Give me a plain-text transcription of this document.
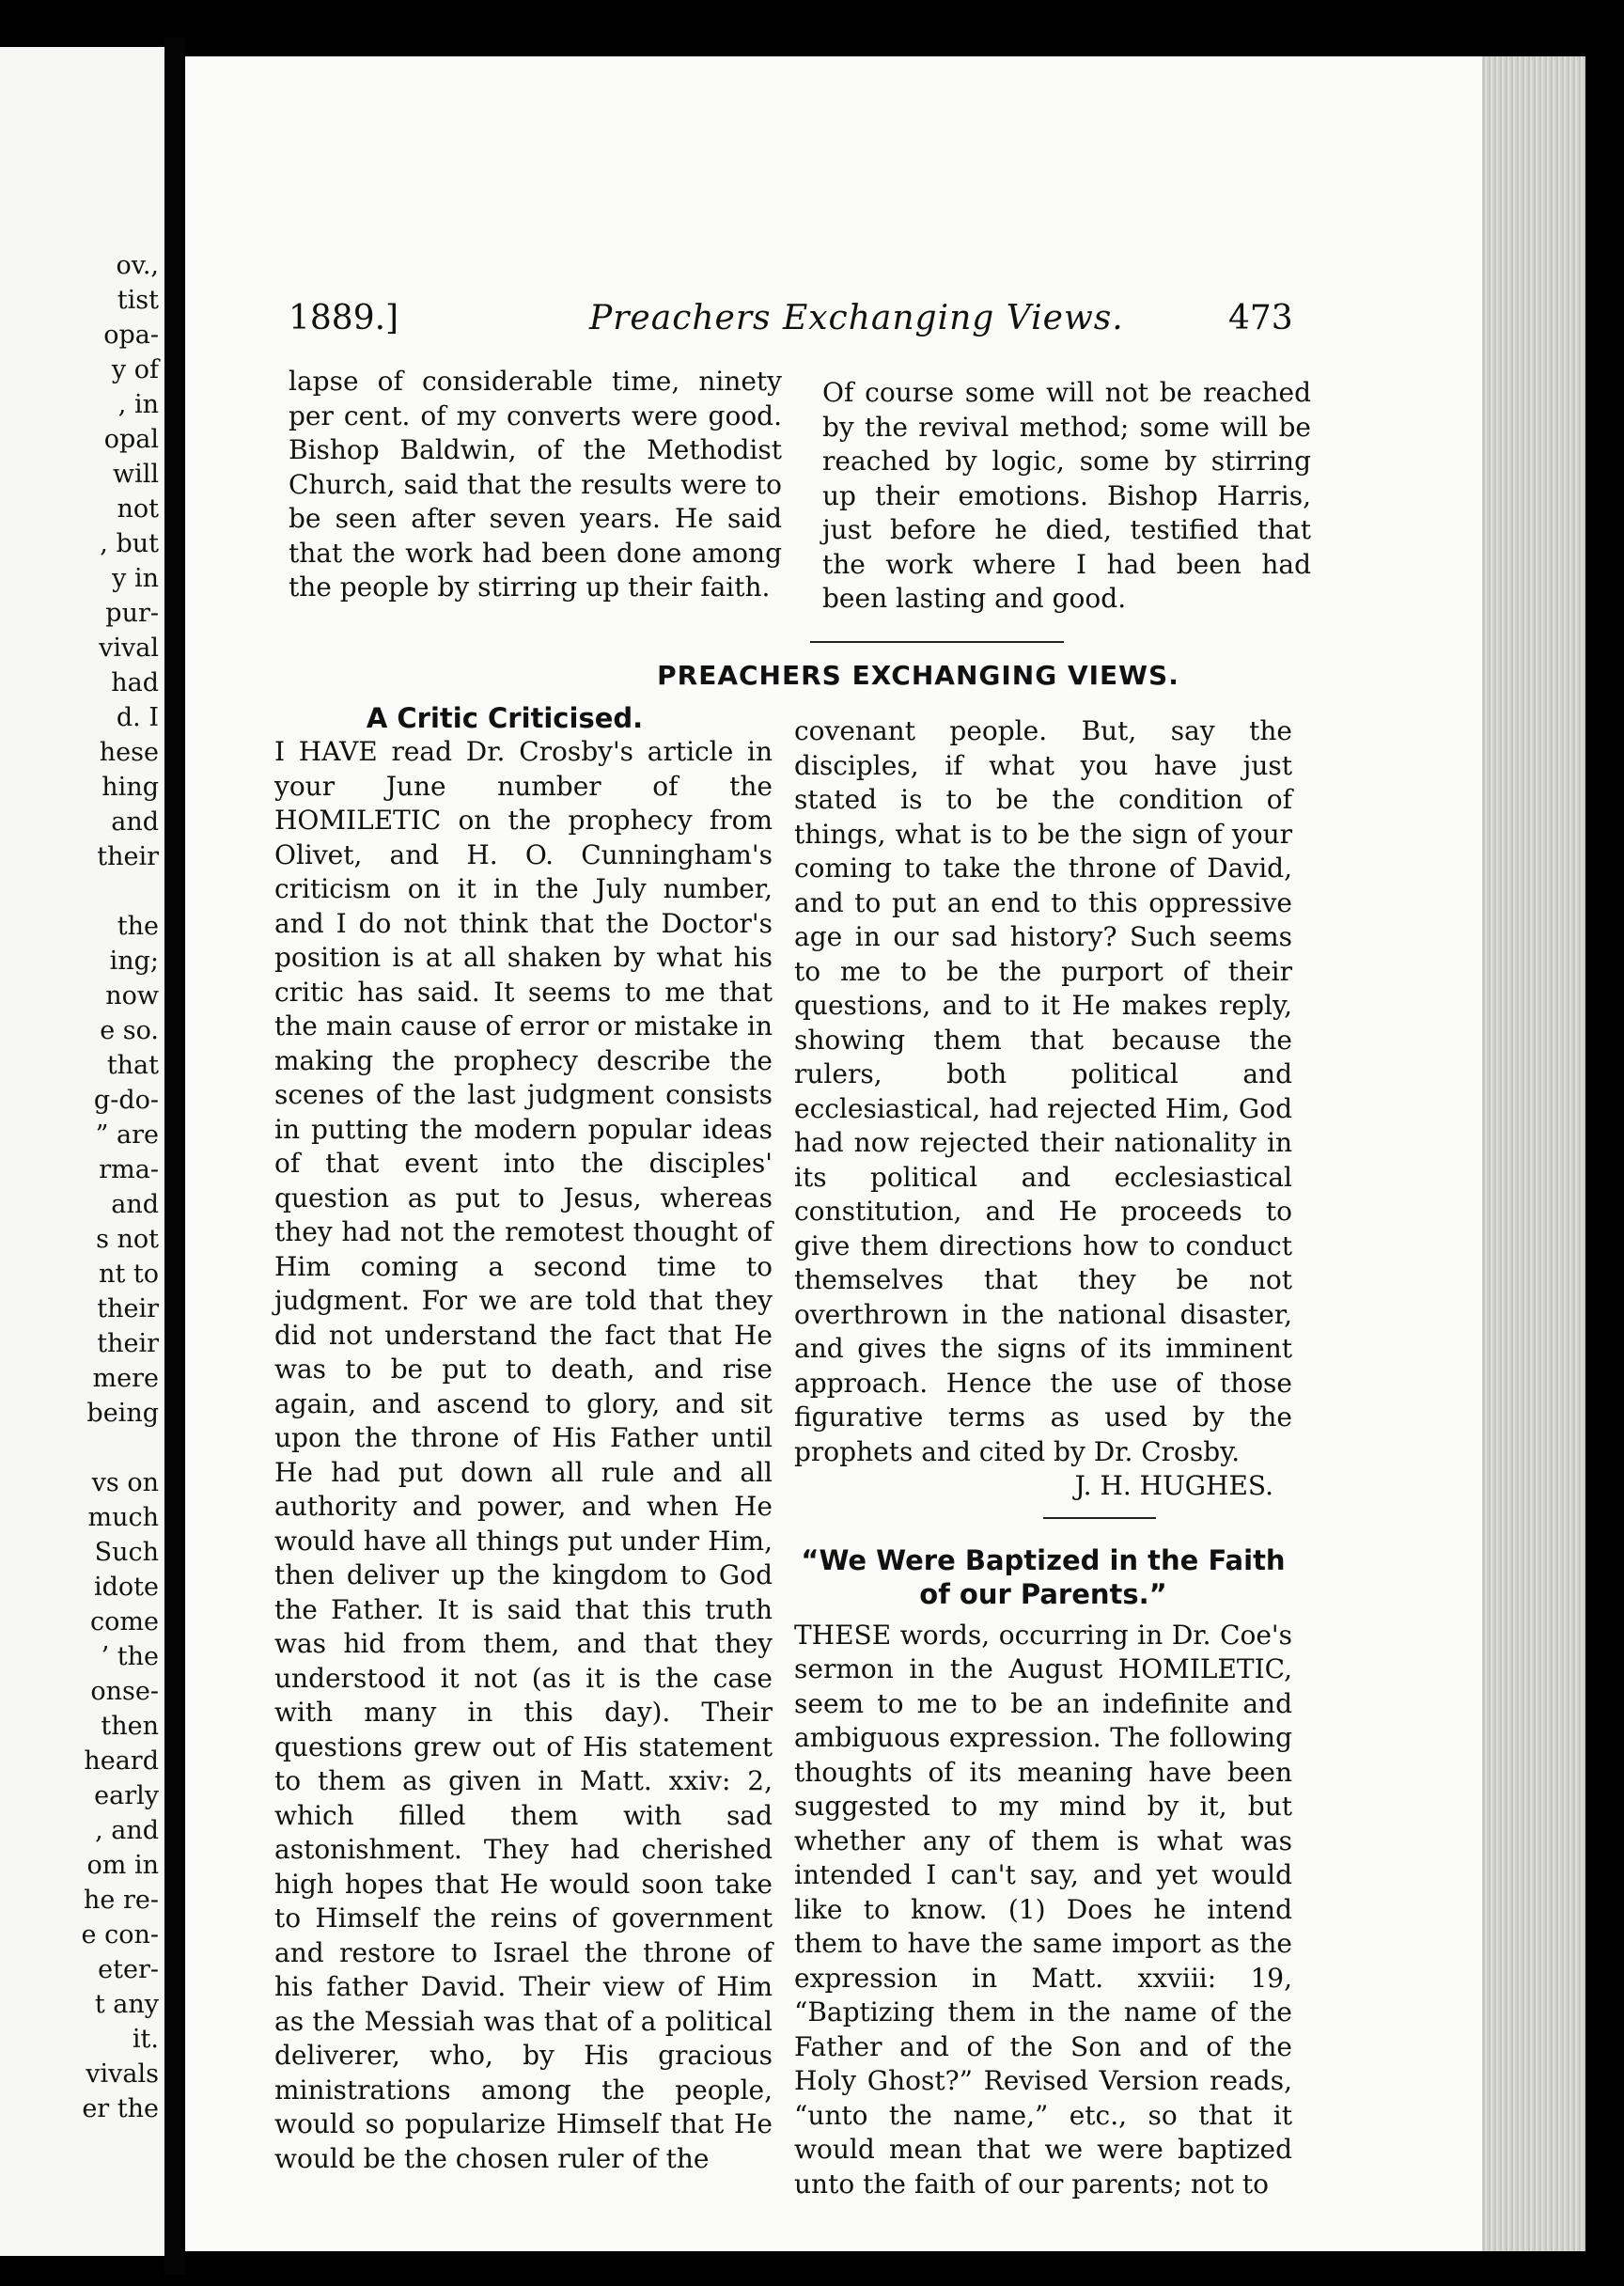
ov.,
tist
opa-
y of
, in
opal
will
not
, but
y in
pur-
vival
had
d. I
hese
hing
and
their
the
ing;
now
e so.
that
g-do-
” are
rma-
and
s not
nt to
their
their
mere
being
vs on
much
Such
idote
come
’ the
onse-
then
heard
early
, and
om in
he re-
e con-
eter-
t any
it.
vivals
er the
1889.]	Preachers Exchanging Views.	473

lapse of considerable time, ninety per cent. of my converts were good. Bishop Baldwin, of the Methodist Church, said that the results were to be seen after seven years. He said that the work had been done among the people by stirring up their faith.

Of course some will not be reached by the revival method; some will be reached by logic, some by stirring up their emotions. Bishop Harris, just before he died, testified that the work where I had been had been lasting and good.

PREACHERS EXCHANGING VIEWS.
A Critic Criticised.

I HAVE read Dr. Crosby's article in your June number of the HOMILETIC on the prophecy from Olivet, and H. O. Cunningham's criticism on it in the July number, and I do not think that the Doctor's position is at all shaken by what his critic has said. It seems to me that the main cause of error or mistake in making the prophecy describe the scenes of the last judgment consists in putting the modern popular ideas of that event into the disciples' question as put to Jesus, whereas they had not the remotest thought of Him coming a second time to judgment. For we are told that they did not understand the fact that He was to be put to death, and rise again, and ascend to glory, and sit upon the throne of His Father until He had put down all rule and all authority and power, and when He would have all things put under Him, then deliver up the kingdom to God the Father. It is said that this truth was hid from them, and that they understood it not (as it is the case with many in this day). Their questions grew out of His statement to them as given in Matt. xxiv: 2, which filled them with sad astonishment. They had cherished high hopes that He would soon take to Himself the reins of government and restore to Israel the throne of his father David. Their view of Him as the Messiah was that of a political deliverer, who, by His gracious ministrations among the people, would so popularize Himself that He would be the chosen ruler of the

covenant people. But, say the disciples, if what you have just stated is to be the condition of things, what is to be the sign of your coming to take the throne of David, and to put an end to this oppressive age in our sad history? Such seems to me to be the purport of their questions, and to it He makes reply, showing them that because the rulers, both political and ecclesiastical, had rejected Him, God had now rejected their nationality in its political and ecclesiastical constitution, and He proceeds to give them directions how to conduct themselves that they be not overthrown in the national disaster, and gives the signs of its imminent approach. Hence the use of those figurative terms as used by the prophets and cited by Dr. Crosby.

J. H. HUGHES.

“We Were Baptized in the Faith of our Parents.”

THESE words, occurring in Dr. Coe's sermon in the August HOMILETIC, seem to me to be an indefinite and ambiguous expression. The following thoughts of its meaning have been suggested to my mind by it, but whether any of them is what was intended I can't say, and yet would like to know. (1) Does he intend them to have the same import as the expression in Matt. xxviii: 19, “Baptizing them in the name of the Father and of the Son and of the Holy Ghost?” Revised Version reads, “unto the name,” etc., so that it would mean that we were baptized unto the faith of our parents; not to
